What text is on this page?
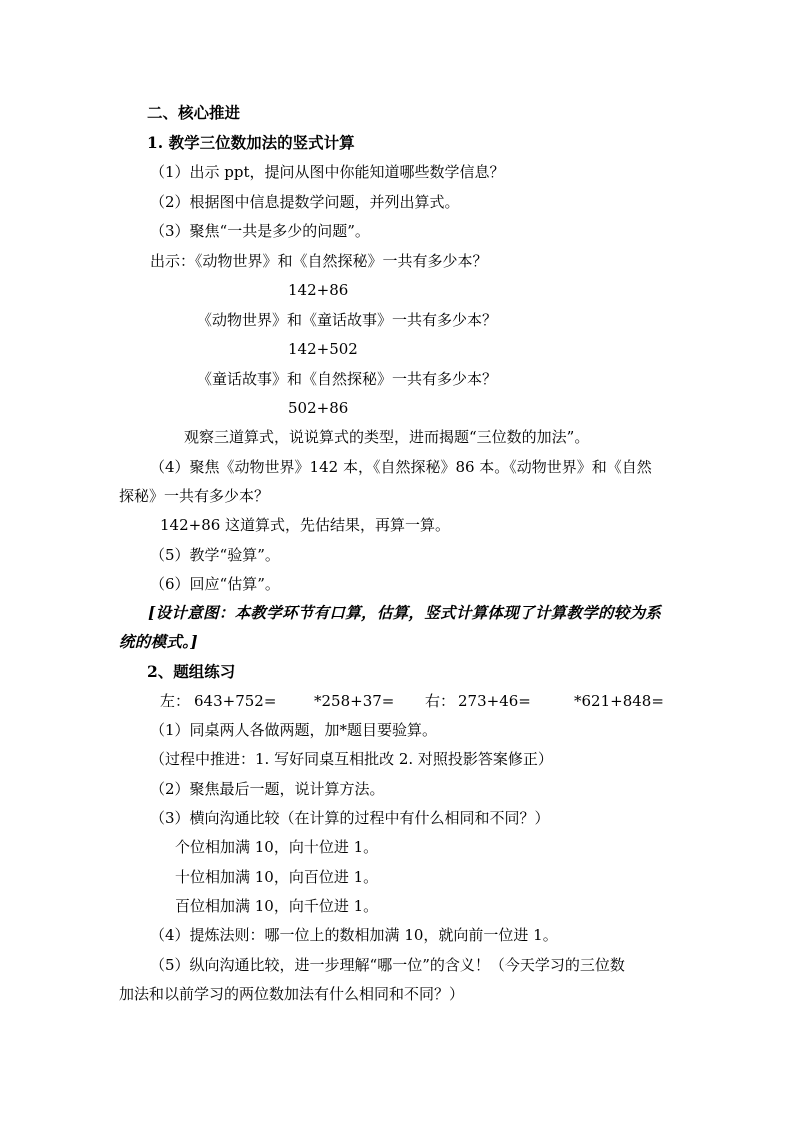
二、核心推进
1. 教学三位数加法的竖式计算
（1）出示 ppt，提问从图中你能知道哪些数学信息？
（2）根据图中信息提数学问题，并列出算式。
（3）聚焦“一共是多少的问题”。
出示：《动物世界》和《自然探秘》一共有多少本？
142+86
《动物世界》和《童话故事》一共有多少本？
142+502
《童话故事》和《自然探秘》一共有多少本？
502+86
观察三道算式，说说算式的类型，进而揭题“三位数的加法”。
（4）聚焦《动物世界》142 本，《自然探秘》86 本。《动物世界》和《自然
探秘》一共有多少本？
142+86 这道算式，先估结果，再算一算。
（5）教学“验算”。
（6）回应“估算”。
[设计意图：本教学环节有口算，估算，竖式计算体现了计算教学的较为系
统的模式。]
2、题组练习
左： 643+752=	*258+37= 右： 273+46=	*621+848=
（1）同桌两人各做两题，加*题目要验算。
（过程中推进：1. 写好同桌互相批改 2. 对照投影答案修正）
（2）聚焦最后一题，说计算方法。
（3）横向沟通比较（在计算的过程中有什么相同和不同？）
个位相加满 10，向十位进 1。
十位相加满 10，向百位进 1。
百位相加满 10，向千位进 1。
（4）提炼法则：哪一位上的数相加满 10，就向前一位进 1。
（5）纵向沟通比较，进一步理解“哪一位”的含义！（今天学习的三位数
加法和以前学习的两位数加法有什么相同和不同？）
